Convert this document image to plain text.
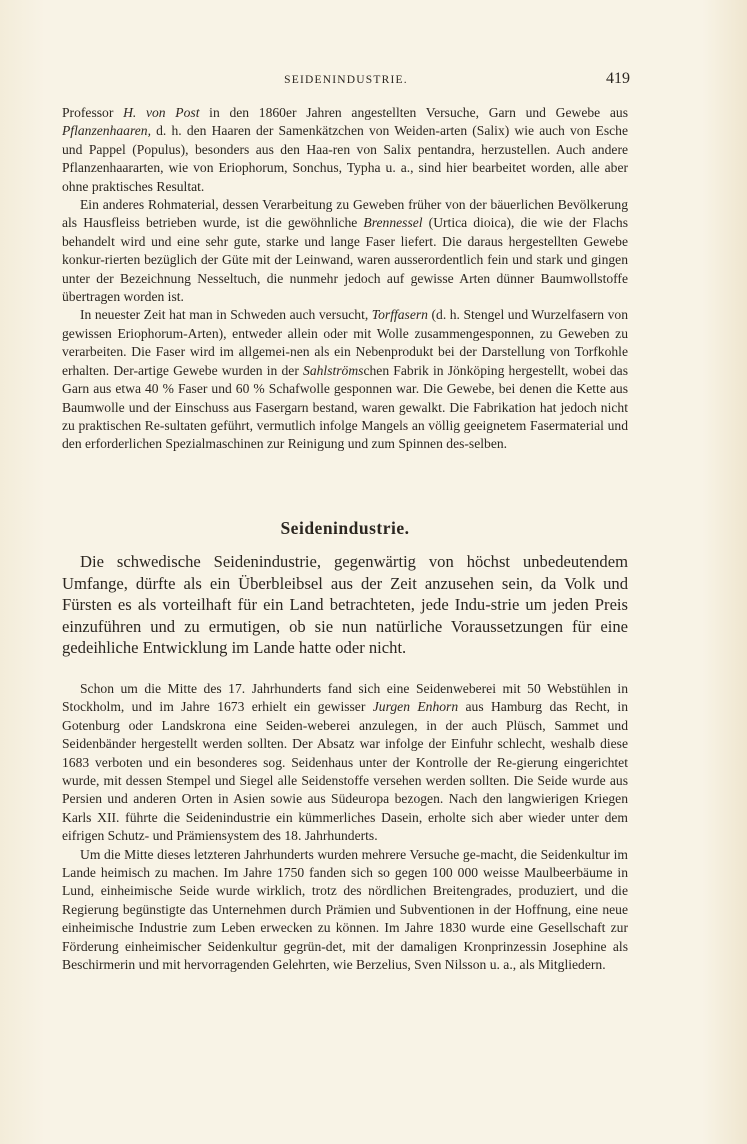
SEIDENINDUSTRIE.	419

Professor H. von Post in den 1860er Jahren angestellten Versuche, Garn und Gewebe aus Pflanzenhaaren, d. h. den Haaren der Samenkätzchen von Weiden-arten (Salix) wie auch von Esche und Pappel (Populus), besonders aus den Haa-ren von Salix pentandra, herzustellen. Auch andere Pflanzenhaararten, wie von Eriophorum, Sonchus, Typha u. a., sind hier bearbeitet worden, alle aber ohne praktisches Resultat.

Ein anderes Rohmaterial, dessen Verarbeitung zu Geweben früher von der bäuerlichen Bevölkerung als Hausfleiss betrieben wurde, ist die gewöhnliche Brennessel (Urtica dioica), die wie der Flachs behandelt wird und eine sehr gute, starke und lange Faser liefert. Die daraus hergestellten Gewebe konkur-rierten bezüglich der Güte mit der Leinwand, waren ausserordentlich fein und stark und gingen unter der Bezeichnung Nesseltuch, die nunmehr jedoch auf gewisse Arten dünner Baumwollstoffe übertragen worden ist.

In neuester Zeit hat man in Schweden auch versucht, Torffasern (d. h. Stengel und Wurzelfasern von gewissen Eriophorum-Arten), entweder allein oder mit Wolle zusammengesponnen, zu Geweben zu verarbeiten. Die Faser wird im allgemei-nen als ein Nebenprodukt bei der Darstellung von Torfkohle erhalten. Der-artige Gewebe wurden in der Sahlströmschen Fabrik in Jönköping hergestellt, wobei das Garn aus etwa 40 % Faser und 60 % Schafwolle gesponnen war. Die Gewebe, bei denen die Kette aus Baumwolle und der Einschuss aus Fasergarn bestand, waren gewalkt. Die Fabrikation hat jedoch nicht zu praktischen Re-sultaten geführt, vermutlich infolge Mangels an völlig geeignetem Fasermaterial und den erforderlichen Spezialmaschinen zur Reinigung und zum Spinnen des-selben.

Seidenindustrie.

Die schwedische Seidenindustrie, gegenwärtig von höchst unbedeutendem Umfange, dürfte als ein Überbleibsel aus der Zeit anzusehen sein, da Volk und Fürsten es als vorteilhaft für ein Land betrachteten, jede Indu-strie um jeden Preis einzuführen und zu ermutigen, ob sie nun natürliche Voraussetzungen für eine gedeihliche Entwicklung im Lande hatte oder nicht.

Schon um die Mitte des 17. Jahrhunderts fand sich eine Seidenweberei mit 50 Webstühlen in Stockholm, und im Jahre 1673 erhielt ein gewisser Jurgen Enhorn aus Hamburg das Recht, in Gotenburg oder Landskrona eine Seiden-weberei anzulegen, in der auch Plüsch, Sammet und Seidenbänder hergestellt werden sollten. Der Absatz war infolge der Einfuhr schlecht, weshalb diese 1683 verboten und ein besonderes sog. Seidenhaus unter der Kontrolle der Re-gierung eingerichtet wurde, mit dessen Stempel und Siegel alle Seidenstoffe versehen werden sollten. Die Seide wurde aus Persien und anderen Orten in Asien sowie aus Südeuropa bezogen. Nach den langwierigen Kriegen Karls XII. führte die Seidenindustrie ein kümmerliches Dasein, erholte sich aber wieder unter dem eifrigen Schutz- und Prämiensystem des 18. Jahrhunderts.

Um die Mitte dieses letzteren Jahrhunderts wurden mehrere Versuche ge-macht, die Seidenkultur im Lande heimisch zu machen. Im Jahre 1750 fanden sich so gegen 100 000 weisse Maulbeerbäume in Lund, einheimische Seide wurde wirklich, trotz des nördlichen Breitengrades, produziert, und die Regierung begünstigte das Unternehmen durch Prämien und Subventionen in der Hoffnung, eine neue einheimische Industrie zum Leben erwecken zu können. Im Jahre 1830 wurde eine Gesellschaft zur Förderung einheimischer Seidenkultur gegrün-det, mit der damaligen Kronprinzessin Josephine als Beschirmerin und mit hervorragenden Gelehrten, wie Berzelius, Sven Nilsson u. a., als Mitgliedern.
